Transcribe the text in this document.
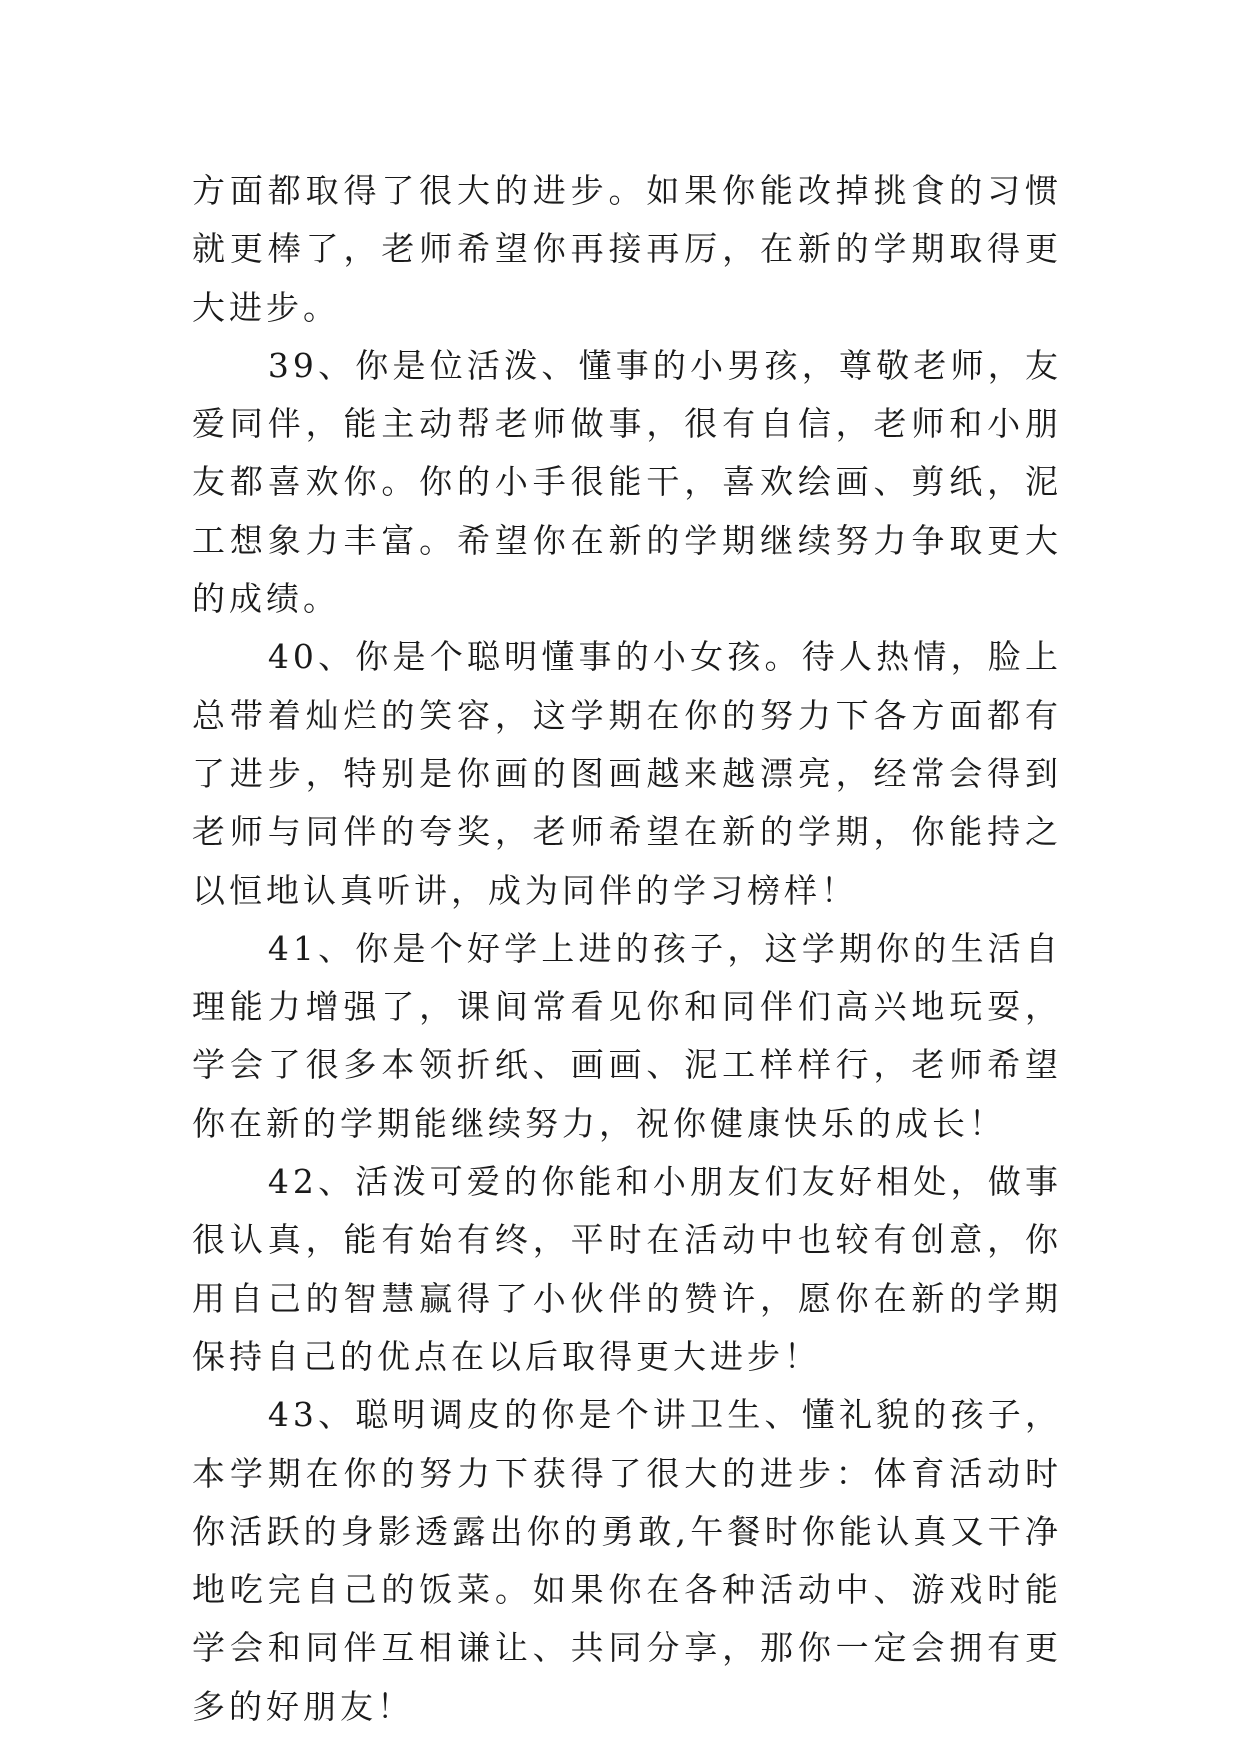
方面都取得了很大的进步。如果你能改掉挑食的习惯就更棒了，老师希望你再接再厉，在新的学期取得更大进步。

39、你是位活泼、懂事的小男孩，尊敬老师，友爱同伴，能主动帮老师做事，很有自信，老师和小朋友都喜欢你。你的小手很能干，喜欢绘画、剪纸，泥工想象力丰富。希望你在新的学期继续努力争取更大的成绩。

40、你是个聪明懂事的小女孩。待人热情，脸上总带着灿烂的笑容，这学期在你的努力下各方面都有了进步，特别是你画的图画越来越漂亮，经常会得到老师与同伴的夸奖，老师希望在新的学期，你能持之以恒地认真听讲，成为同伴的学习榜样！

41、你是个好学上进的孩子，这学期你的生活自理能力增强了，课间常看见你和同伴们高兴地玩耍，学会了很多本领折纸、画画、泥工样样行，老师希望你在新的学期能继续努力，祝你健康快乐的成长！

42、活泼可爱的你能和小朋友们友好相处，做事很认真，能有始有终，平时在活动中也较有创意，你用自己的智慧赢得了小伙伴的赞许，愿你在新的学期保持自己的优点在以后取得更大进步！

43、聪明调皮的你是个讲卫生、懂礼貌的孩子，本学期在你的努力下获得了很大的进步：体育活动时你活跃的身影透露出你的勇敢,午餐时你能认真又干净地吃完自己的饭菜。如果你在各种活动中、游戏时能学会和同伴互相谦让、共同分享，那你一定会拥有更多的好朋友！
